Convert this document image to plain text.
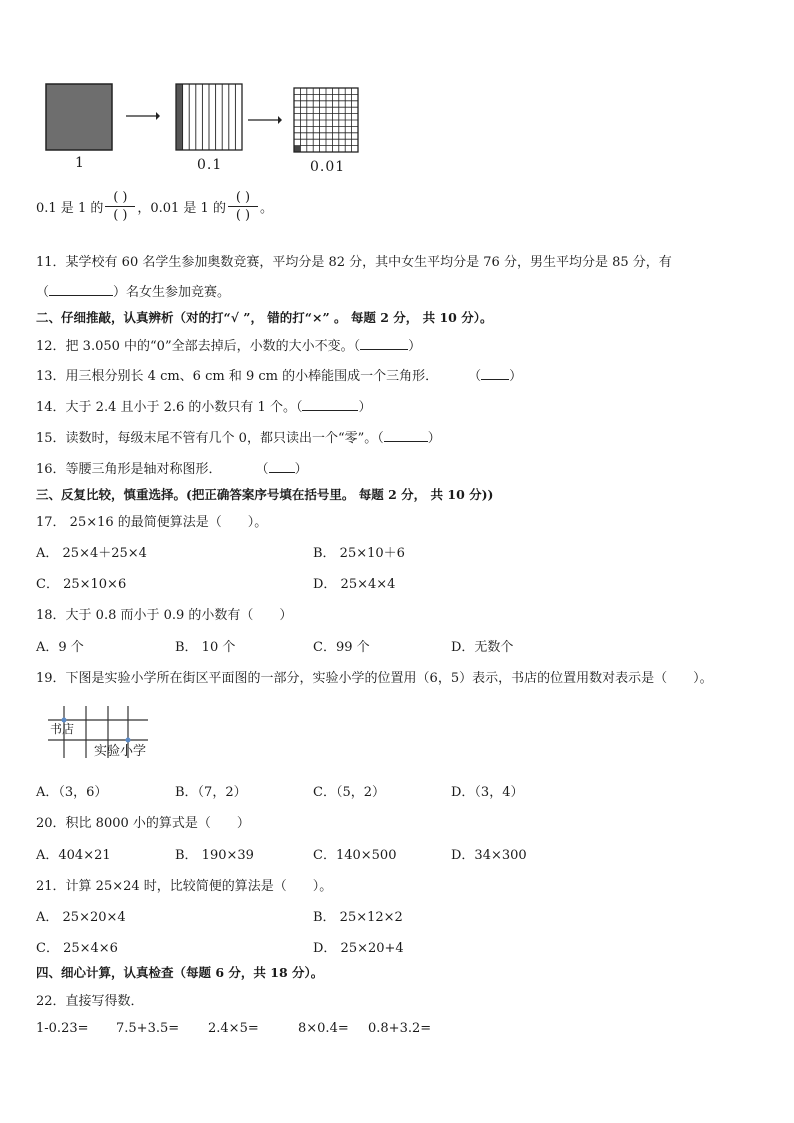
1	0.1	0.01
0.1 是 1 的 $\frac{( )}{( )}$ ，0.01 是 1 的 $\frac{( )}{( )}$ 。
11．某学校有 60 名学生参加奥数竞赛，平均分是 82 分，其中女生平均分是 76 分，男生平均分是 85 分，有
（	）名女生参加竞赛。
二、仔细推敲，认真辨析（对的打“√ ”， 错的打“×” 。 每题 2 分， 共 10 分）。
12．把 3.050 中的“0”全部去掉后，小数的大小不变。（	）
13．用三根分别长 4 cm、6 cm 和 9 cm 的小棒能围成一个三角形． （ ）
14．大于 2.4 且小于 2.6 的小数只有 1 个。（	）
15．读数时，每级末尾不管有几个 0，都只读出一个“零”。（	）
16．等腰三角形是轴对称图形．	（ ）
三、反复比较，慎重选择。(把正确答案序号填在括号里。 每题 2 分， 共 10 分))
17． 25×16 的最简便算法是（　　）。
A． 25×4＋25×4	B． 25×10＋6
C． 25×10×6	D． 25×4×4
18．大于 0.8 而小于 0.9 的小数有（　　）
A．9 个	B． 10 个	C．99 个	D．无数个
19．下图是实验小学所在街区平面图的一部分，实验小学的位置用（6，5）表示，书店的位置用数对表示是（　　）。
书店
实验小学
A．（3，6）	B．（7，2）	C．（5，2）	D．（3，4）
20．积比 8000 小的算式是（　　）
A．404×21	B． 190×39	C．140×500	D．34×300
21．计算 25×24 时，比较简便的算法是（　　）。
A． 25×20×4	B． 25×12×2
C． 25×4×6	D． 25×20+4
四、细心计算，认真检查（每题 6 分，共 18 分）。
22．直接写得数．
1-0.23= 7.5+3.5= 2.4×5=	8×0.4= 0.8+3.2=
